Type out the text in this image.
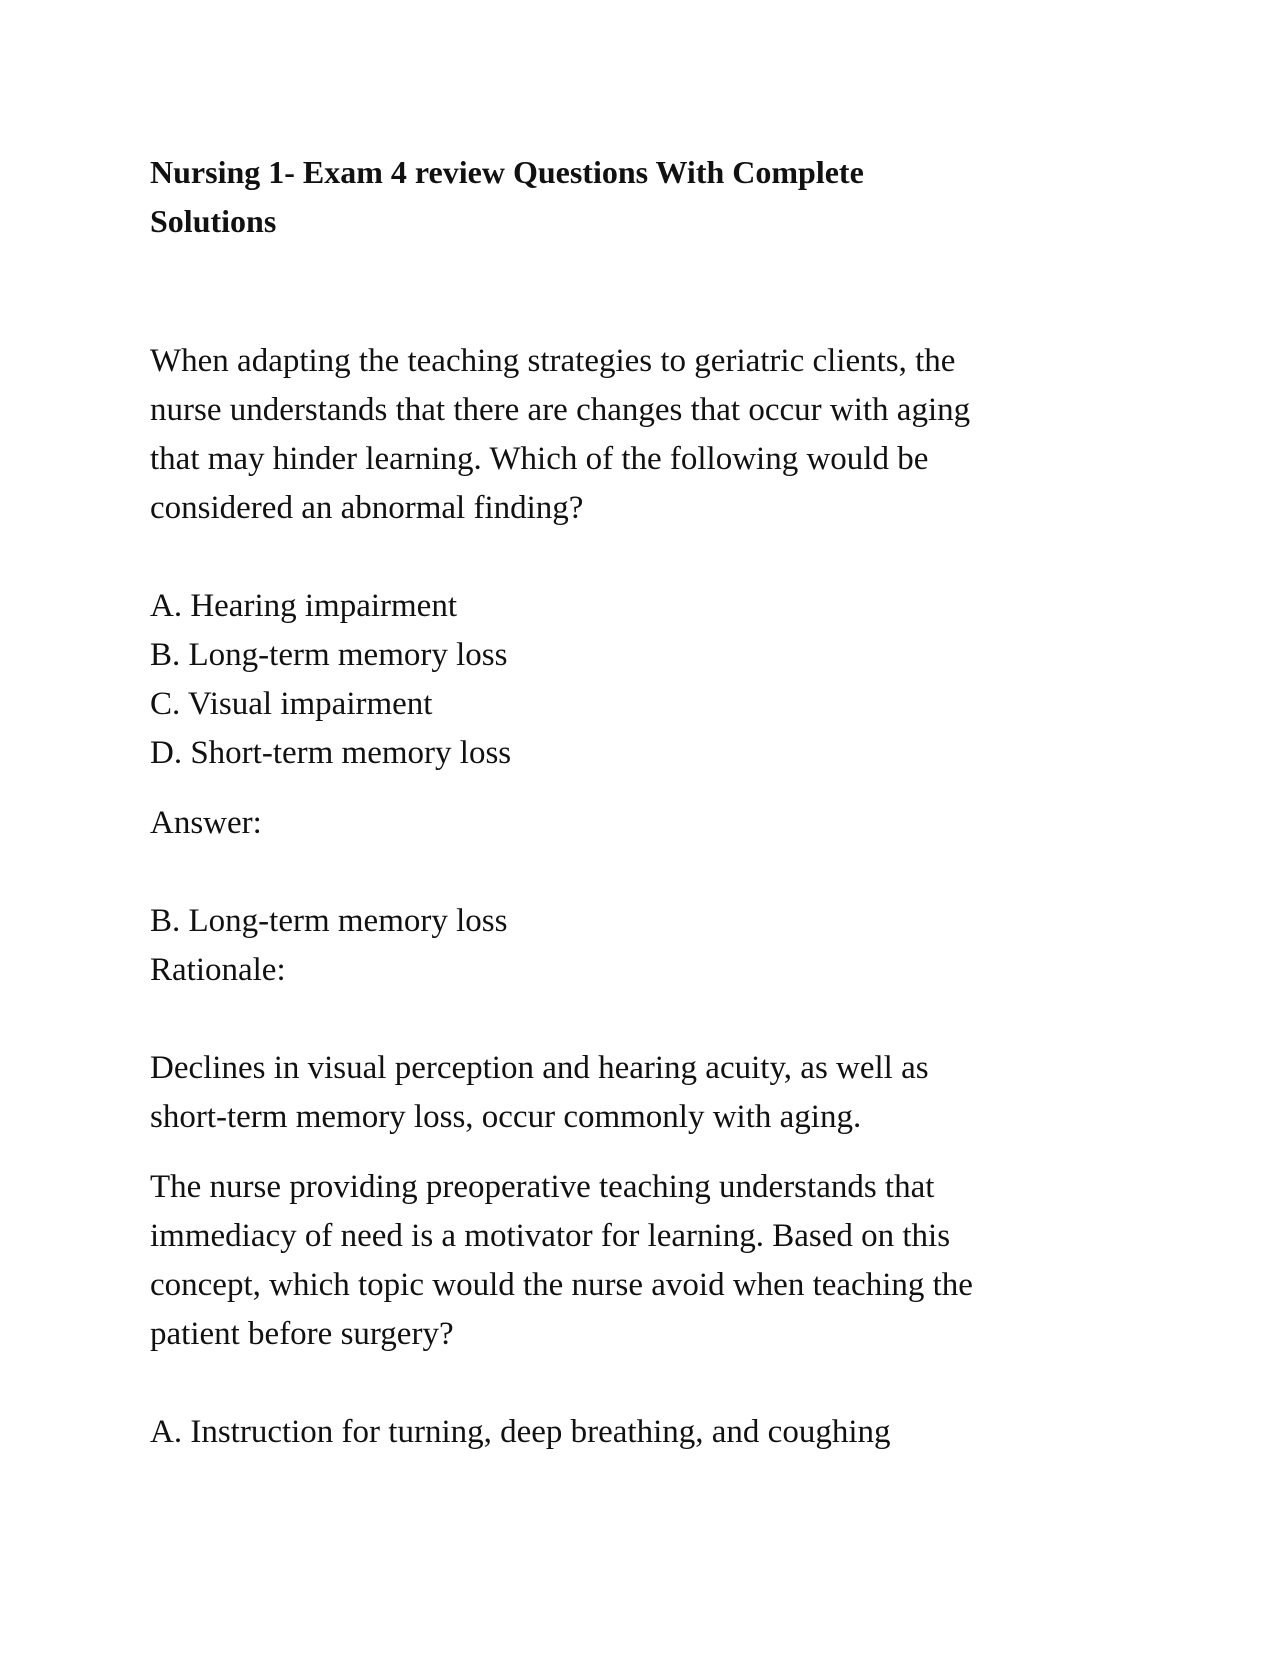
Nursing 1- Exam 4 review Questions With Complete
Solutions
When adapting the teaching strategies to geriatric clients, the
nurse understands that there are changes that occur with aging
that may hinder learning. Which of the following would be
considered an abnormal finding?
A. Hearing impairment
B. Long-term memory loss
C. Visual impairment
D. Short-term memory loss
Answer:
B. Long-term memory loss
Rationale:
Declines in visual perception and hearing acuity, as well as
short-term memory loss, occur commonly with aging.
The nurse providing preoperative teaching understands that
immediacy of need is a motivator for learning. Based on this
concept, which topic would the nurse avoid when teaching the
patient before surgery?
A. Instruction for turning, deep breathing, and coughing
